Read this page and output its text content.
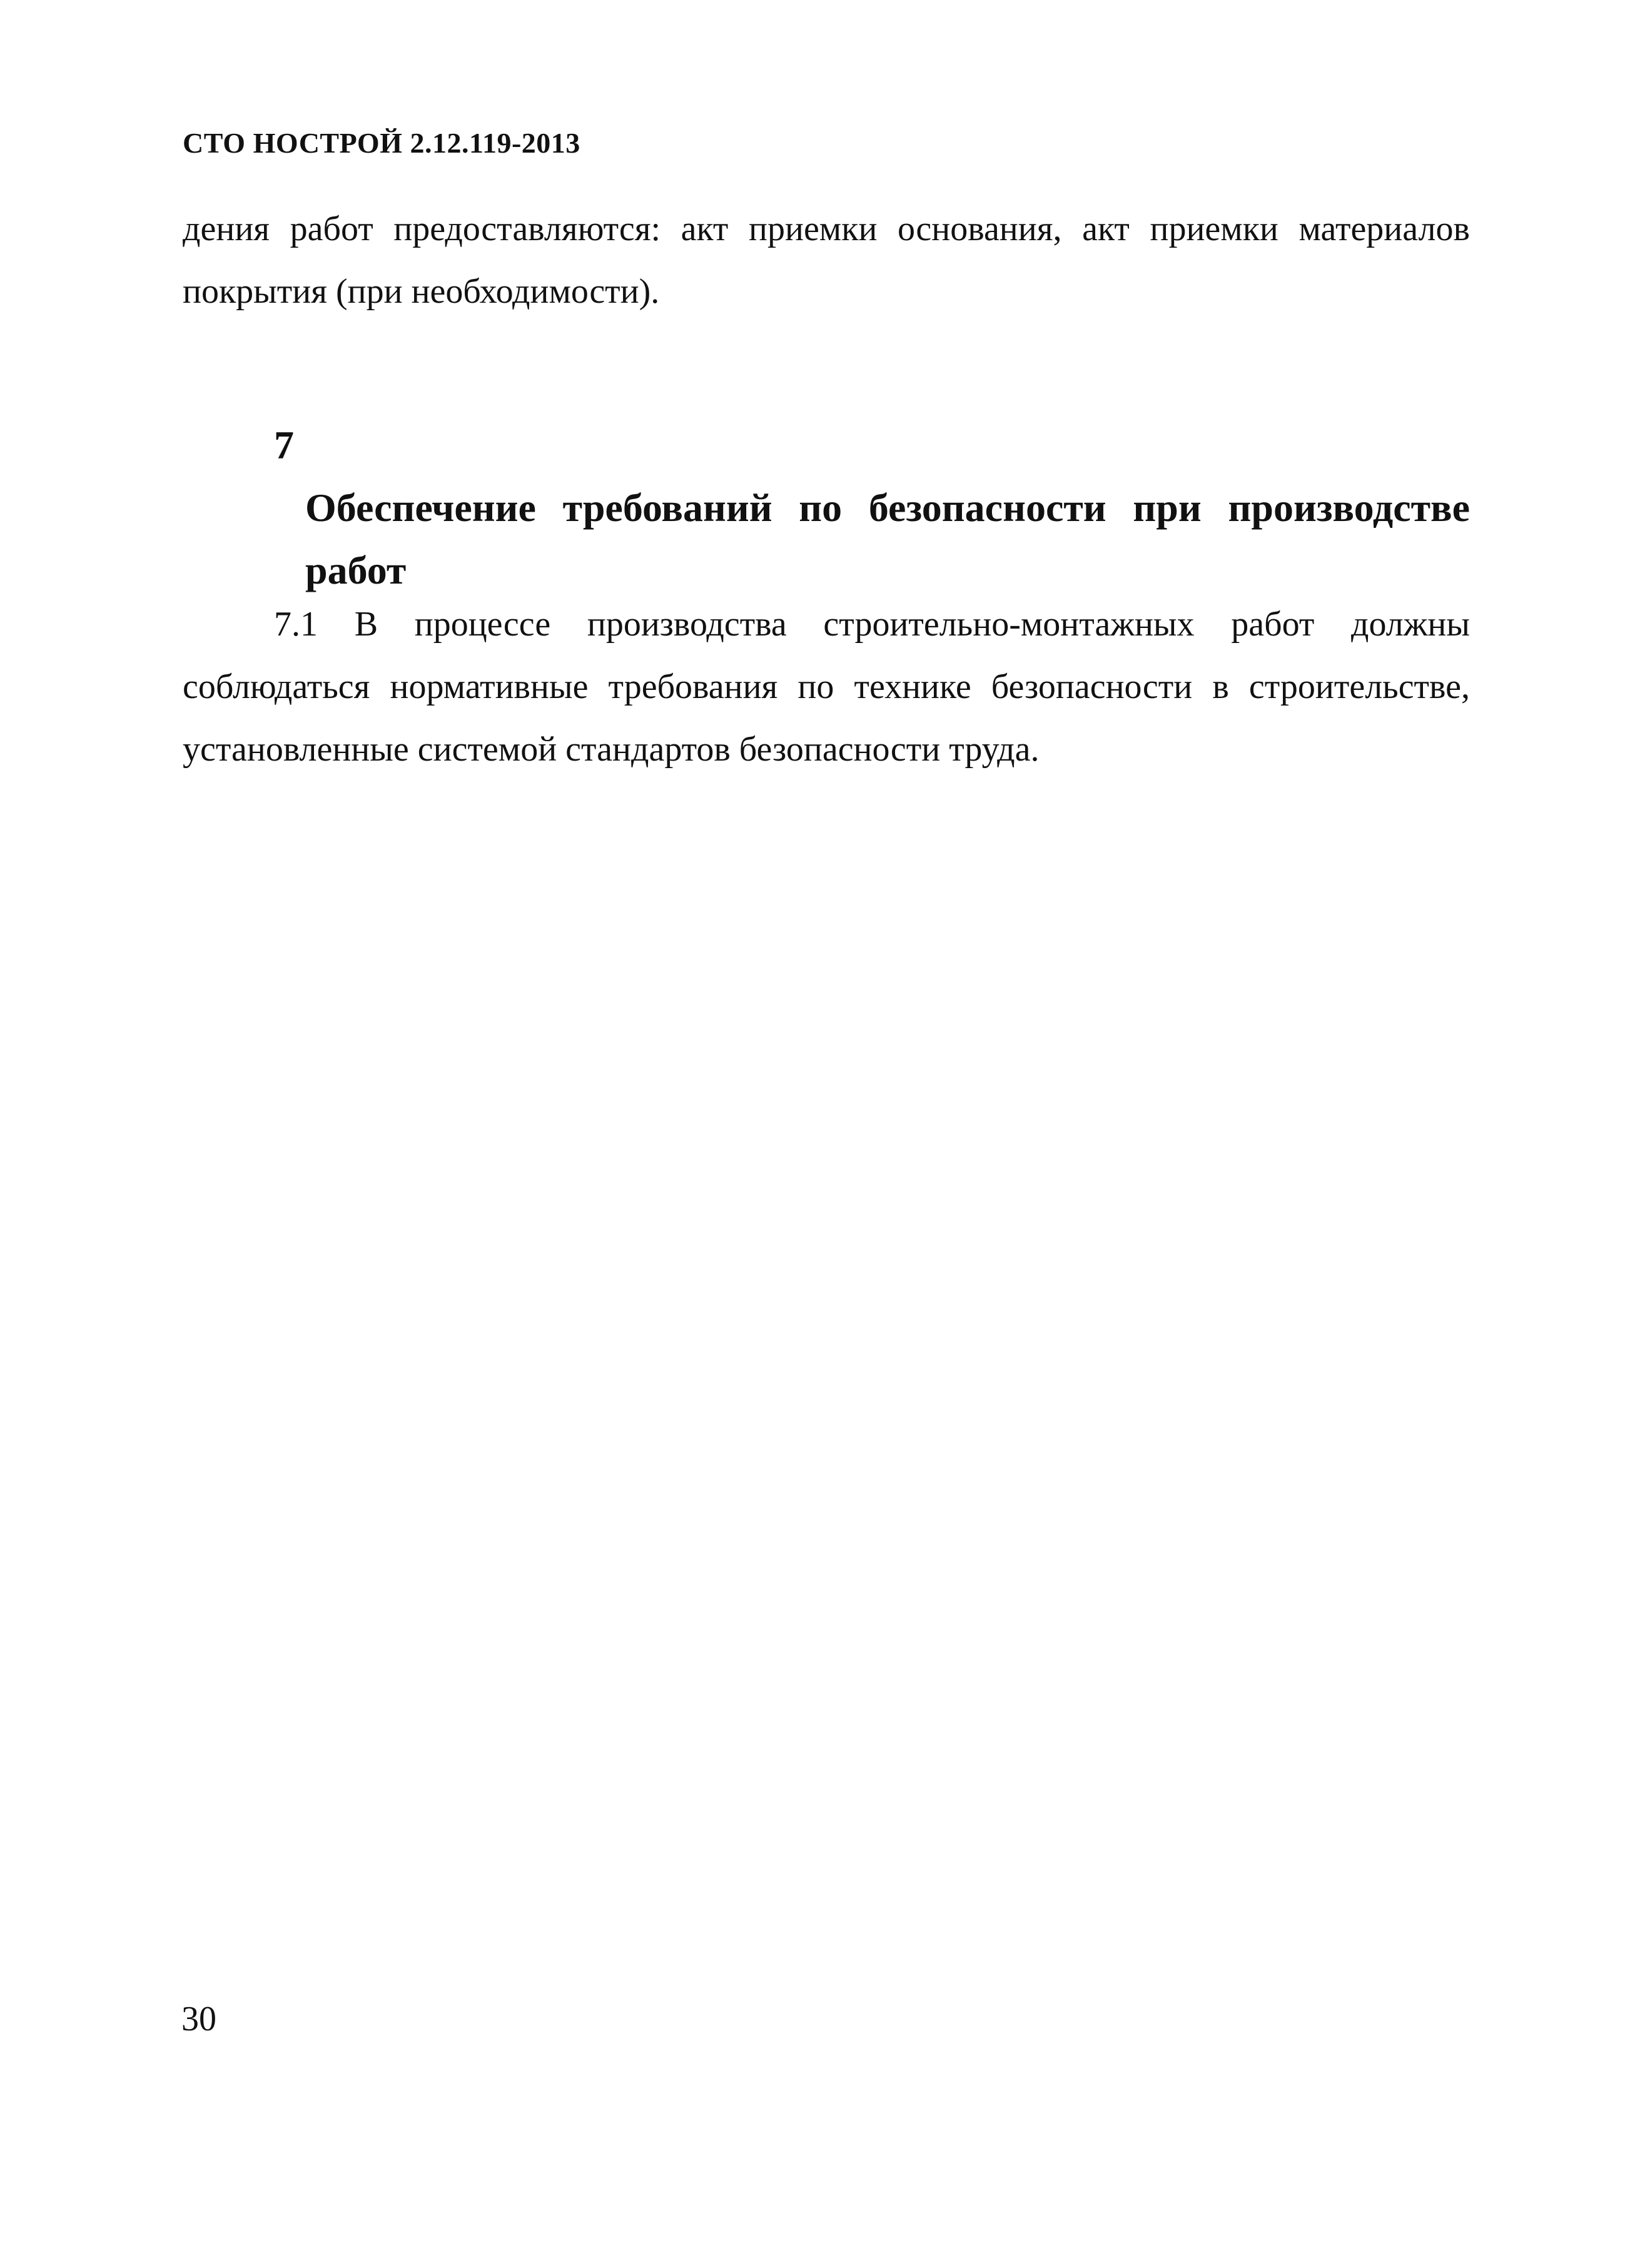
СТО НОСТРОЙ 2.12.119-2013
дения работ предоставляются: акт приемки основания, акт приемки материалов покрытия (при необходимости).
7
Обеспечение требований по безопасности при производстве работ
7.1 В процессе производства строительно-монтажных работ должны соблюдаться нормативные требования по технике безопасности в строительстве, установленные системой стандартов безопасности труда.
30
